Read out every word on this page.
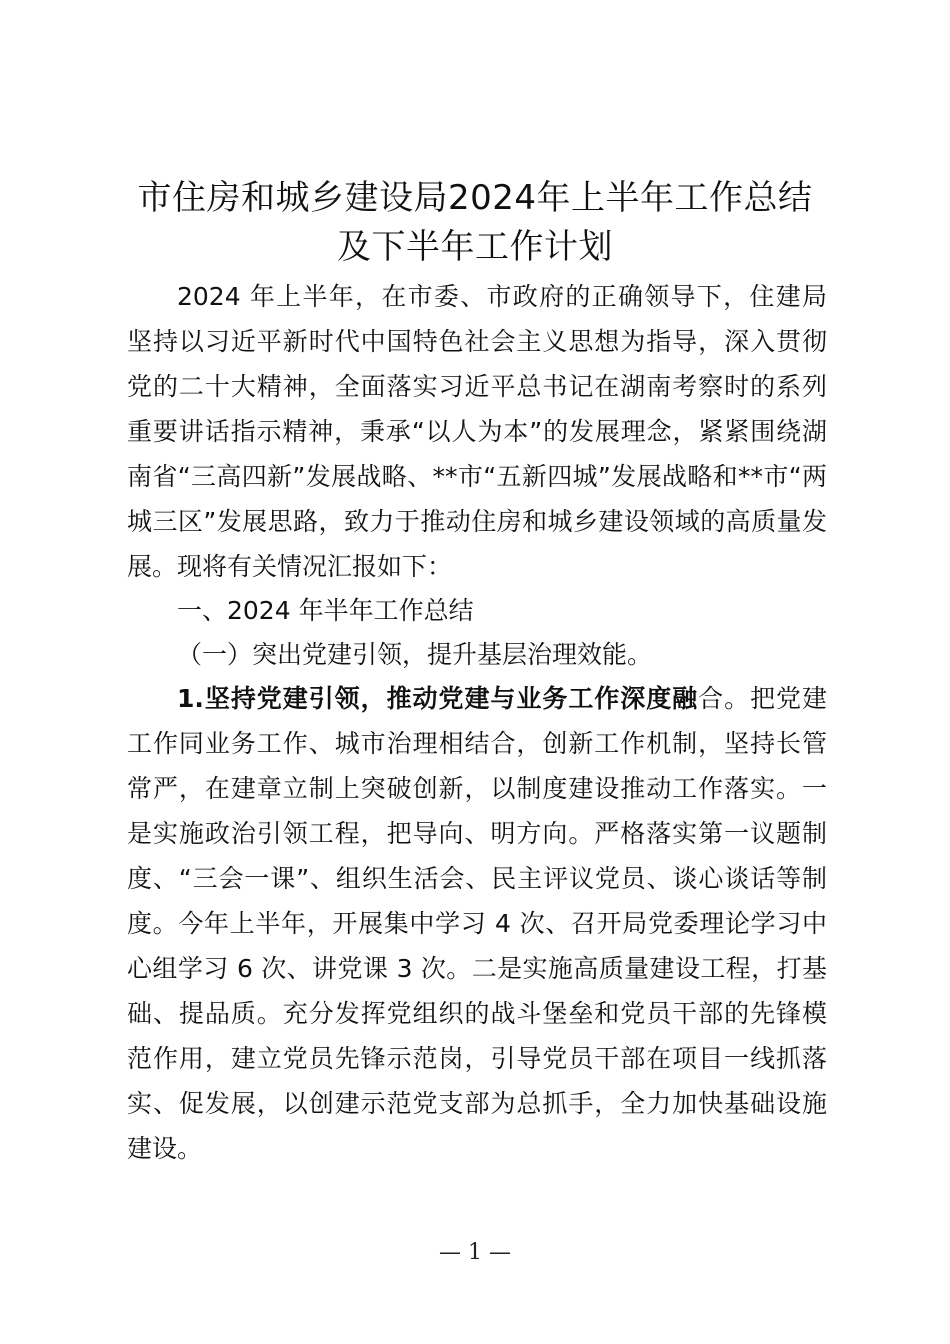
市住房和城乡建设局2024年上半年工作总结
及下半年工作计划
2024 年上半年，在市委、市政府的正确领导下，住建局
坚持以习近平新时代中国特色社会主义思想为指导，深入贯彻
党的二十大精神，全面落实习近平总书记在湖南考察时的系列
重要讲话指示精神，秉承“以人为本”的发展理念，紧紧围绕湖
南省“三高四新”发展战略、**市“五新四城”发展战略和**市“两
城三区”发展思路，致力于推动住房和城乡建设领域的高质量发
展。现将有关情况汇报如下：
一、2024 年半年工作总结
（一）突出党建引领，提升基层治理效能。
1.坚持党建引领，推动党建与业务工作深度融合。把党建
工作同业务工作、城市治理相结合，创新工作机制，坚持长管
常严，在建章立制上突破创新，以制度建设推动工作落实。一
是实施政治引领工程，把导向、明方向。严格落实第一议题制
度、“三会一课”、组织生活会、民主评议党员、谈心谈话等制
度。今年上半年，开展集中学习 4 次、召开局党委理论学习中
心组学习 6 次、讲党课 3 次。二是实施高质量建设工程，打基
础、提品质。充分发挥党组织的战斗堡垒和党员干部的先锋模
范作用，建立党员先锋示范岗，引导党员干部在项目一线抓落
实、促发展，以创建示范党支部为总抓手，全力加快基础设施
建设。
— 1 —
